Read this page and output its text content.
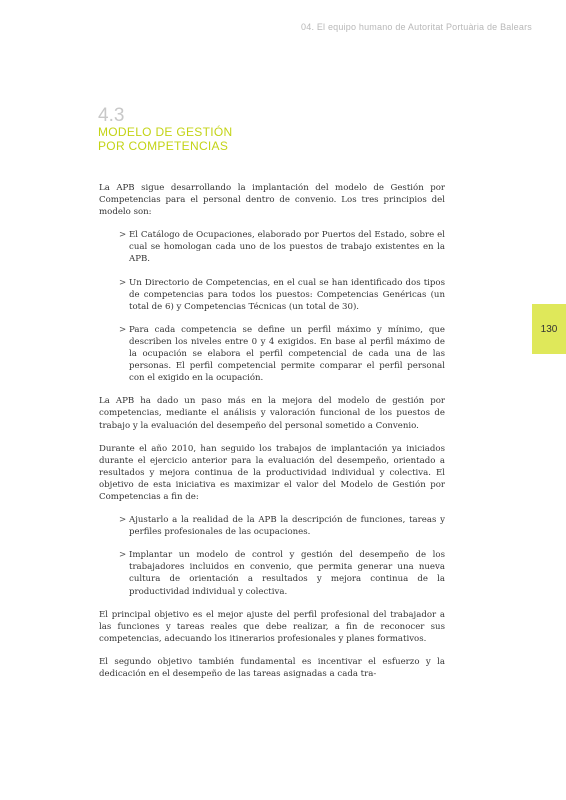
04. El equipo humano de Autoritat Portuària de Balears
4.3
MODELO DE GESTIÓN POR COMPETENCIAS
130

La APB sigue desarrollando la implantación del modelo de Gestión por Competencias para el personal dentro de convenio. Los tres principios del modelo son:

> El Catálogo de Ocupaciones, elaborado por Puertos del Estado, sobre el cual se homologan cada uno de los puestos de trabajo existentes en la APB.
> Un Directorio de Competencias, en el cual se han identificado dos tipos de competencias para todos los puestos: Competencias Genéricas (un total de 6) y Competencias Técnicas (un total de 30).
> Para cada competencia se define un perfil máximo y mínimo, que describen los niveles entre 0 y 4 exigidos. En base al perfil máximo de la ocupación se elabora el perfil competencial de cada una de las personas. El perfil competencial permite comparar el perfil personal con el exigido en la ocupación.

La APB ha dado un paso más en la mejora del modelo de gestión por competencias, mediante el análisis y valoración funcional de los puestos de trabajo y la evaluación del desempeño del personal sometido a Convenio.

Durante el año 2010, han seguido los trabajos de implantación ya iniciados durante el ejercicio anterior para la evaluación del desempeño, orientado a resultados y mejora continua de la productividad individual y colectiva. El objetivo de esta iniciativa es maximizar el valor del Modelo de Gestión por Competencias a fin de:

> Ajustarlo a la realidad de la APB la descripción de funciones, tareas y perfiles profesionales de las ocupaciones.
> Implantar un modelo de control y gestión del desempeño de los trabajadores incluidos en convenio, que permita generar una nueva cultura de orientación a resultados y mejora continua de la productividad individual y colectiva.

El principal objetivo es el mejor ajuste del perfil profesional del trabajador a las funciones y tareas reales que debe realizar, a fin de reconocer sus competencias, adecuando los itinerarios profesionales y planes formativos.

El segundo objetivo también fundamental es incentivar el esfuerzo y la dedicación en el desempeño de las tareas asignadas a cada tra-
